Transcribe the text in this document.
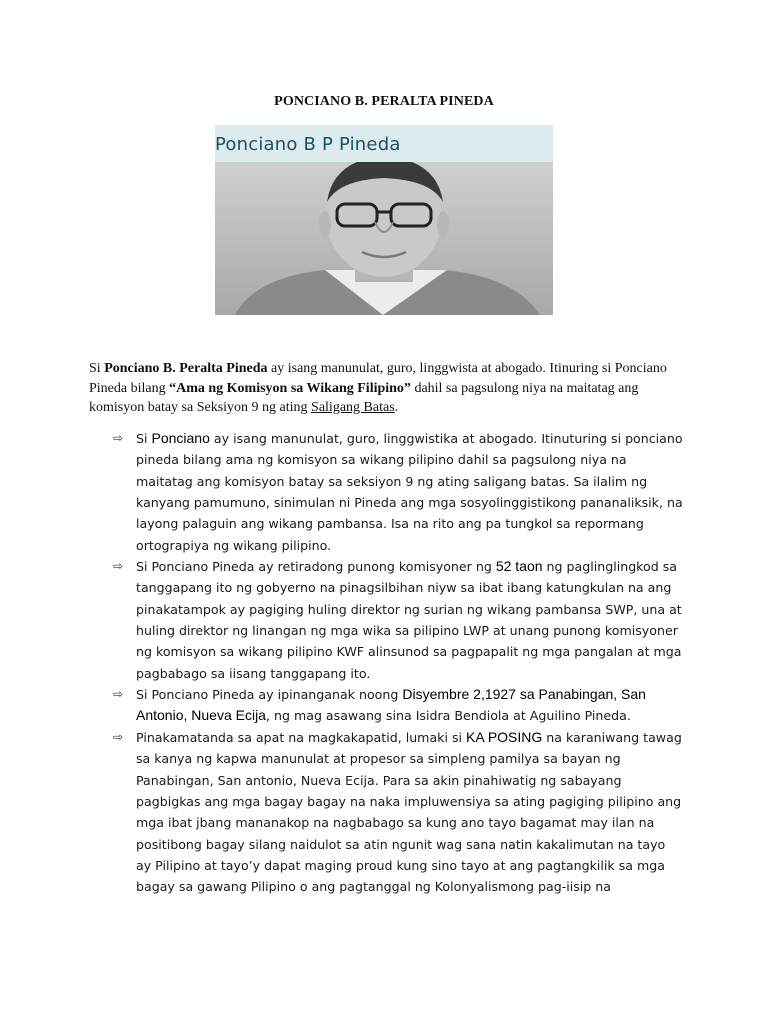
PONCIANO B. PERALTA PINEDA
Ponciano B P Pineda
Si Ponciano B. Peralta Pineda ay isang manunulat, guro, linggwista at abogado. Itinuring si Ponciano Pineda bilang “Ama ng Komisyon sa Wikang Filipino” dahil sa pagsulong niya na maitatag ang komisyon batay sa Seksiyon 9 ng ating Saligang Batas.
⇨ Si Ponciano ay isang manunulat, guro, linggwistika at abogado. Itinuturing si ponciano pineda bilang ama ng komisyon sa wikang pilipino dahil sa pagsulong niya na maitatag ang komisyon batay sa seksiyon 9 ng ating saligang batas. Sa ilalim ng kanyang pamumuno, sinimulan ni Pineda ang mga sosyolinggistikong pananaliksik, na layong palaguin ang wikang pambansa. Isa na rito ang pa tungkol sa repormang ortograpiya ng wikang pilipino.
⇨ Si Ponciano Pineda ay retiradong punong komisyoner ng 52 taon ng paglinglingkod sa tanggapang ito ng gobyerno na pinagsilbihan niyw sa ibat ibang katungkulan na ang pinakatampok ay pagiging huling direktor ng surian ng wikang pambansa SWP, una at huling direktor ng linangan ng mga wika sa pilipino LWP at unang punong komisyoner ng komisyon sa wikang pilipino KWF alinsunod sa pagpapalit ng mga pangalan at mga pagbabago sa iisang tanggapang ito.
⇨ Si Ponciano Pineda ay ipinanganak noong Disyembre 2,1927 sa Panabingan, San Antonio, Nueva Ecija, ng mag asawang sina Isidra Bendiola at Aguilino Pineda.
⇨ Pinakamatanda sa apat na magkakapatid, lumaki si KA POSING na karaniwang tawag sa kanya ng kapwa manunulat at propesor sa simpleng pamilya sa bayan ng Panabingan, San antonio, Nueva Ecija. Para sa akin pinahiwatig ng sabayang pagbigkas ang mga bagay bagay na naka impluwensiya sa ating pagiging pilipino ang mga ibat jbang mananakop na nagbabago sa kung ano tayo bagamat may ilan na positibong bagay silang naidulot sa atin ngunit wag sana natin kakalimutan na tayo ay Pilipino at tayo’y dapat maging proud kung sino tayo at ang pagtangkilik sa mga bagay sa gawang Pilipino o ang pagtanggal ng Kolonyalismong pag-iisip na
